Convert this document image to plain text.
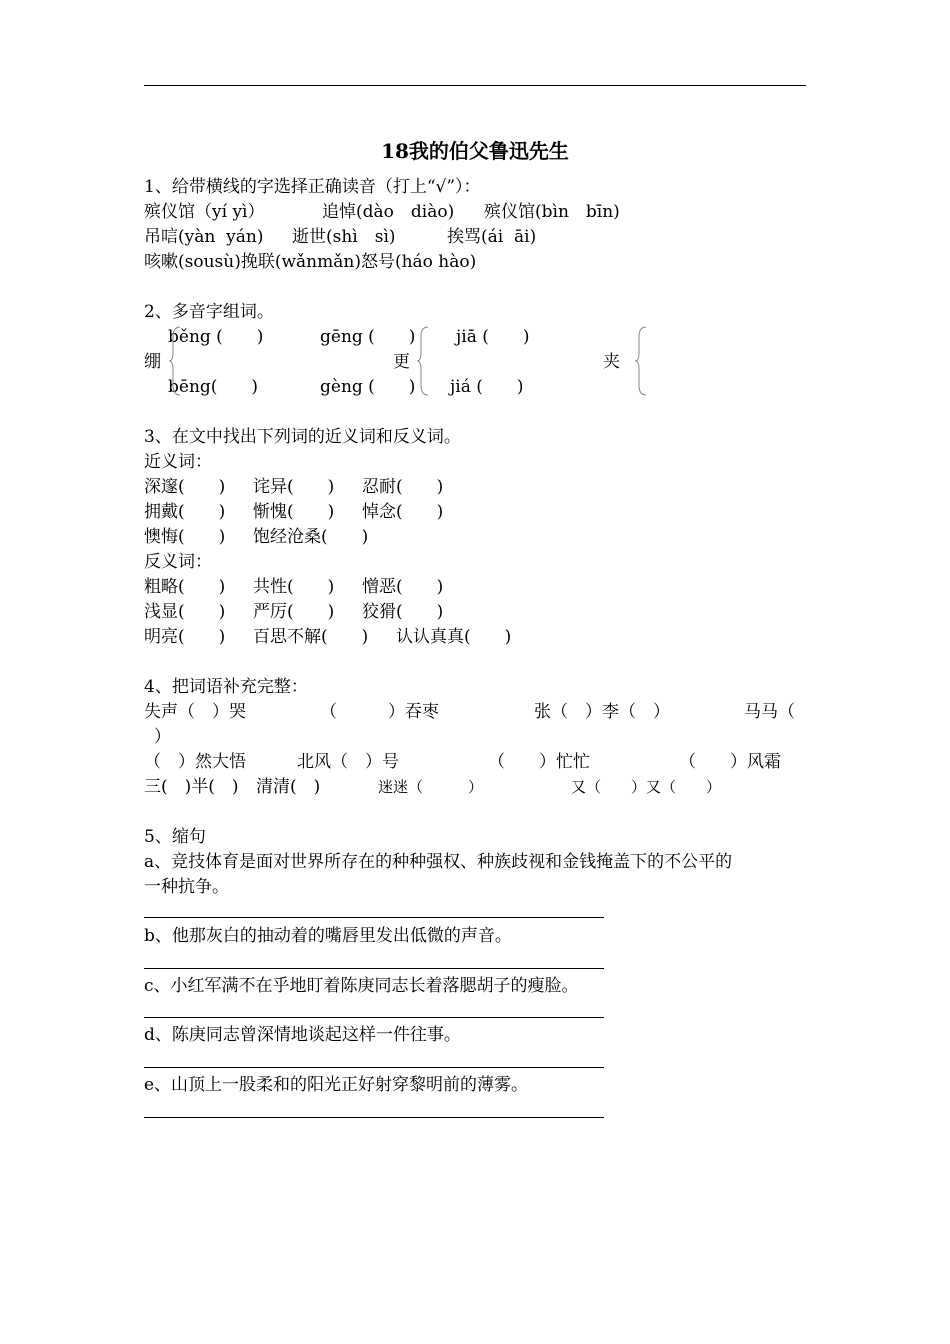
18我的伯父鲁迅先生
1、给带横线的字选择正确读音（打上“√”）：
殡仪馆（yí yì）	追悼(dào　diào) 殡仪馆(bìn　bīn)
吊唁(yàn  yán) 逝世(shì　sì)	挨骂(ái  āi)
咳嗽(sousù)挽联(wǎnmǎn)怒号(háo hào)
2、多音字组词。
běng (　　)	gēng (　　) jiā (　　)
绷	更	夹
bēng(　　)	gèng (　　) jiá (　　)
3、在文中找出下列词的近义词和反义词。
近义词：
深邃(　　) 诧异(　　) 忍耐(　　)
拥戴(　　) 惭愧(　　) 悼念(　　)
懊悔(　　) 饱经沧桑(　　)
反义词：
粗略(　　) 共性(　　) 憎恶(　　)
浅显(　　) 严厉(　　) 狡猾(　　)
明亮(　　) 百思不解(　　) 认认真真(　　)
4、把词语补充完整：
失声（　）哭	（　　　）吞枣	张（　）李（　）	马马（
）
（　）然大悟	北风（　）号	（　　）忙忙	（　　）风霜
三(　)半(　) 清清(　)	迷迷（　　　）	又（　　）又（　　）
5、缩句
a、竞技体育是面对世界所存在的种种强权、种族歧视和金钱掩盖下的不公平的
一种抗争。
b、他那灰白的抽动着的嘴唇里发出低微的声音。
c、小红军满不在乎地盯着陈庚同志长着落腮胡子的瘦脸。
d、陈庚同志曾深情地谈起这样一件往事。
e、山顶上一股柔和的阳光正好射穿黎明前的薄雾。
